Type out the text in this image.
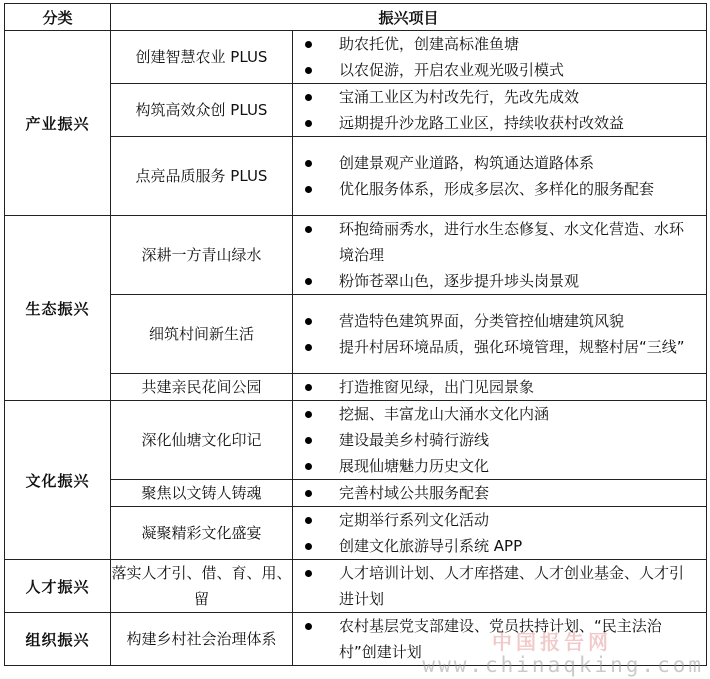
分类	振兴项目	
产业振兴	创建智慧农业 PLUS	助农托优，创建高标准鱼塘
以农促游，开启农业观光吸引模式

	构筑高效众创 PLUS	宝涌工业区为村改先行，先改先成效
远期提升沙龙路工业区，持续收获村改效益

	点亮品质服务 PLUS	创建景观产业道路，构筑通达道路体系
优化服务体系，形成多层次、多样化的服务配套

生态振兴	深耕一方青山绿水	环抱绮丽秀水，进行水生态修复、水文化营造、水环境治理
粉饰苍翠山色，逐步提升埗头岗景观

	细筑村间新生活	营造特色建筑界面，分类管控仙塘建筑风貌
提升村居环境品质，强化环境管理，规整村居“三线”

	共建亲民花间公园	打造推窗见绿，出门见园景象

文化振兴	深化仙塘文化印记	挖掘、丰富龙山大涌水文化内涵
建设最美乡村骑行游线
展现仙塘魅力历史文化

	聚焦以文铸人铸魂	完善村域公共服务配套

	凝聚精彩文化盛宴	定期举行系列文化活动
创建文化旅游导引系统 APP

人才振兴	落实人才引、借、育、用、留	人才培训计划、人才库搭建、人才创业基金、人才引进计划

组织振兴	构建乡村社会治理体系	农村基层党支部建设、党员扶持计划、“民主法治村”创建计划	中国报告网
www.chinaqking.com
